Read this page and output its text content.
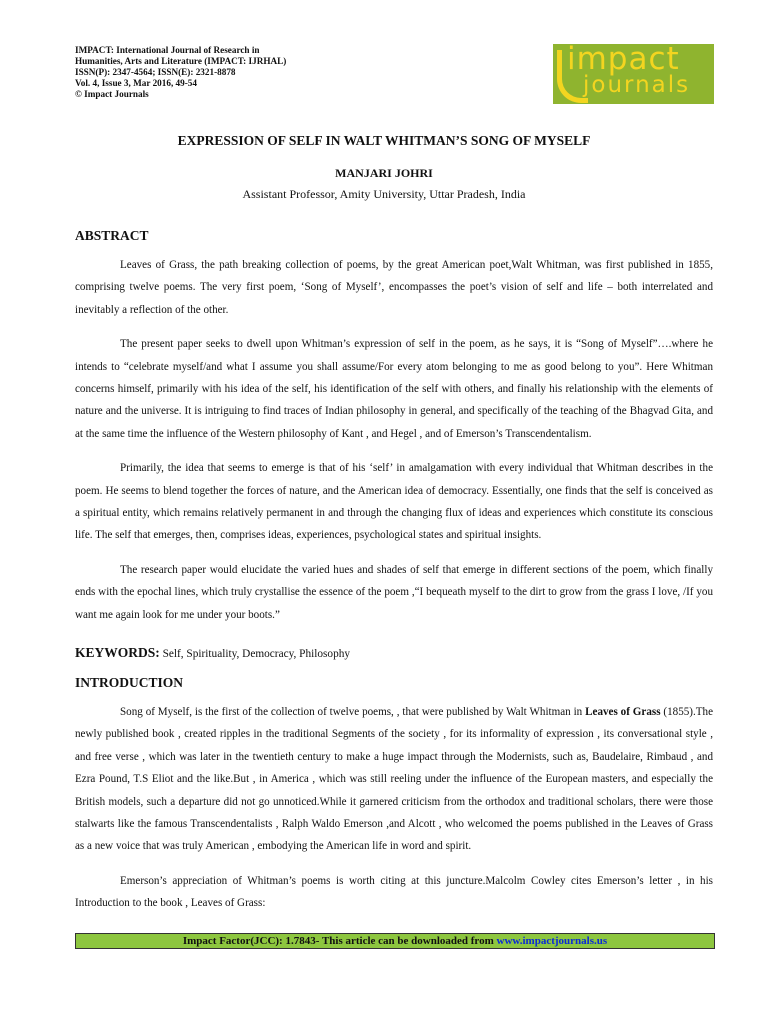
IMPACT: International Journal of Research in
Humanities, Arts and Literature (IMPACT: IJRHAL)
ISSN(P): 2347-4564; ISSN(E): 2321-8878
Vol. 4, Issue 3, Mar 2016, 49-54
© Impact Journals
impact
journals
EXPRESSION OF SELF IN WALT WHITMAN’S SONG OF MYSELF
MANJARI JOHRI
Assistant Professor, Amity University, Uttar Pradesh, India
ABSTRACT

Leaves of Grass, the path breaking collection of poems, by the great American poet,Walt Whitman, was first published in 1855, comprising twelve poems. The very first poem, ‘Song of Myself’, encompasses the poet’s vision of self and life – both interrelated and inevitably a reflection of the other.

The present paper seeks to dwell upon Whitman’s expression of self in the poem, as he says, it is “Song of Myself”….where he intends to “celebrate myself/and what I assume you shall assume/For every atom belonging to me as good belong to you”. Here Whitman concerns himself, primarily with his idea of the self, his identification of the self with others, and finally his relationship with the elements of nature and the universe. It is intriguing to find traces of Indian philosophy in general, and specifically of the teaching of the Bhagvad Gita, and at the same time the influence of the Western philosophy of Kant , and Hegel , and of Emerson’s Transcendentalism.

Primarily, the idea that seems to emerge is that of his ‘self’ in amalgamation with every individual that Whitman describes in the poem. He seems to blend together the forces of nature, and the American idea of democracy. Essentially, one finds that the self is conceived as a spiritual entity, which remains relatively permanent in and through the changing flux of ideas and experiences which constitute its conscious life. The self that emerges, then, comprises ideas, experiences, psychological states and spiritual insights.

The research paper would elucidate the varied hues and shades of self that emerge in different sections of the poem, which finally ends with the epochal lines, which truly crystallise the essence of the poem ,“I bequeath myself to the dirt to grow from the grass I love, /If you want me again look for me under your boots.”

KEYWORDS: Self, Spirituality, Democracy, Philosophy
INTRODUCTION

Song of Myself, is the first of the collection of twelve poems, , that were published by Walt Whitman in Leaves of Grass (1855).The newly published book , created ripples in the traditional Segments of the society , for its informality of expression , its conversational style , and free verse , which was later in the twentieth century to make a huge impact through the Modernists, such as, Baudelaire, Rimbaud , and Ezra Pound, T.S Eliot and the like.But , in America , which was still reeling under the influence of the European masters, and especially the British models, such a departure did not go unnoticed.While it garnered criticism from the orthodox and traditional scholars, there were those stalwarts like the famous Transcendentalists , Ralph Waldo Emerson ,and Alcott , who welcomed the poems published in the Leaves of Grass as a new voice that was truly American , embodying the American life in word and spirit.

Emerson’s appreciation of Whitman’s poems is worth citing at this juncture.Malcolm Cowley cites Emerson’s letter , in his Introduction to the book , Leaves of Grass:

Impact Factor(JCC): 1.7843- This article can be downloaded from www.impactjournals.us
